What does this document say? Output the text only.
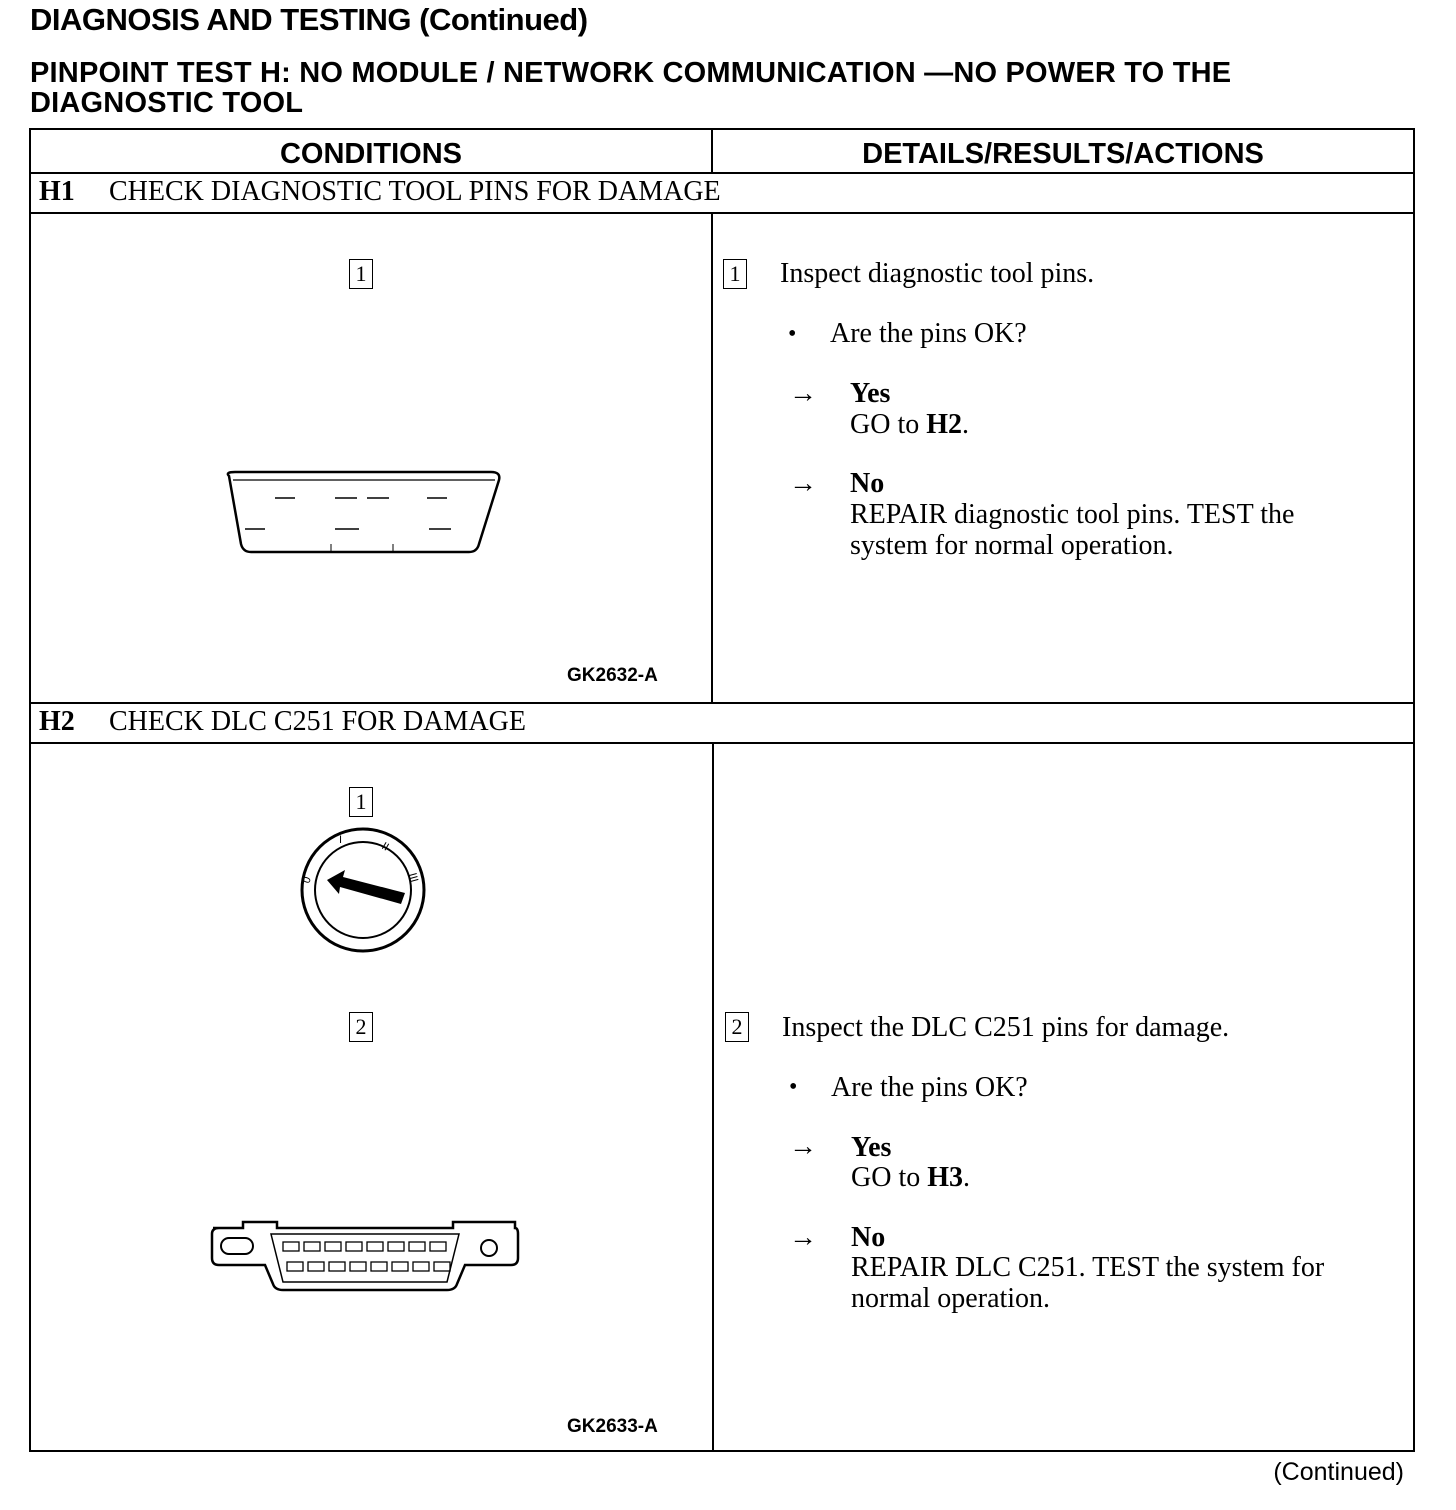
DIAGNOSIS AND TESTING (Continued)
PINPOINT TEST H: NO MODULE / NETWORK COMMUNICATION —NO POWER TO THE DIAGNOSTIC TOOL
CONDITIONS	DETAILS/RESULTS/ACTIONS
H1 CHECK DIAGNOSTIC TOOL PINS FOR DAMAGE
1
GK2632-A
1 Inspect diagnostic tool pins.
• Are the pins OK?
→ Yes
GO to H2.
→ No
REPAIR diagnostic tool pins. TEST the
system for normal operation.
H2 CHECK DLC C251 FOR DAMAGE
1
0
I
II
III
2
GK2633-A
2 Inspect the DLC C251 pins for damage.
• Are the pins OK?
→ Yes
GO to H3.
→ No
REPAIR DLC C251. TEST the system for
normal operation.
(Continued)
